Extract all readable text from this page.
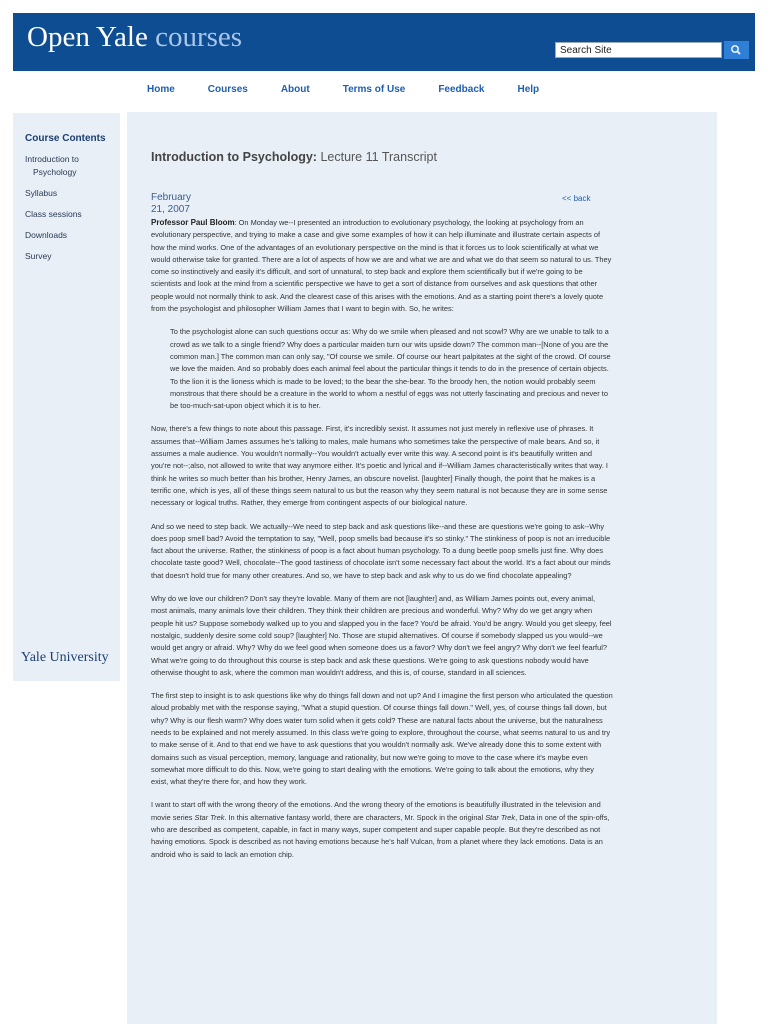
Open Yale courses
Search Site
Home	Courses	About	Terms of Use	Feedback	Help
Course Contents
Introduction to
Psychology
Syllabus
Class sessions
Downloads
Survey
Yale University
Introduction to Psychology: Lecture 11 Transcript
February 21, 2007
<< back

Professor Paul Bloom: On Monday we--I presented an introduction to evolutionary psychology, the looking at psychology from an evolutionary perspective, and trying to make a case and give some examples of how it can help illuminate and illustrate certain aspects of how the mind works. One of the advantages of an evolutionary perspective on the mind is that it forces us to look scientifically at what we would otherwise take for granted. There are a lot of aspects of how we are and what we are and what we do that seem so natural to us. They come so instinctively and easily it's difficult, and sort of unnatural, to step back and explore them scientifically but if we're going to be scientists and look at the mind from a scientific perspective we have to get a sort of distance from ourselves and ask questions that other people would not normally think to ask. And the clearest case of this arises with the emotions. And as a starting point there's a lovely quote from the psychologist and philosopher William James that I want to begin with. So, he writes:

To the psychologist alone can such questions occur as: Why do we smile when pleased and not scowl? Why are we unable to talk to a crowd as we talk to a single friend? Why does a particular maiden turn our wits upside down? The common man--[None of you are the common man.] The common man can only say, "Of course we smile. Of course our heart palpitates at the sight of the crowd. Of course we love the maiden. And so probably does each animal feel about the particular things it tends to do in the presence of certain objects. To the lion it is the lioness which is made to be loved; to the bear the she-bear. To the broody hen, the notion would probably seem monstrous that there should be a creature in the world to whom a nestful of eggs was not utterly fascinating and precious and never to be too-much-sat-upon object which it is to her.

Now, there's a few things to note about this passage. First, it's incredibly sexist. It assumes not just merely in reflexive use of phrases. It assumes that--William James assumes he's talking to males, male humans who sometimes take the perspective of male bears. And so, it assumes a male audience. You wouldn't normally--You wouldn't actually ever write this way. A second point is it's beautifully written and you're not--;also, not allowed to write that way anymore either. It's poetic and lyrical and if--William James characteristically writes that way. I think he writes so much better than his brother, Henry James, an obscure novelist. [laughter] Finally though, the point that he makes is a terrific one, which is yes, all of these things seem natural to us but the reason why they seem natural is not because they are in some sense necessary or logical truths. Rather, they emerge from contingent aspects of our biological nature.

And so we need to step back. We actually--We need to step back and ask questions like--and these are questions we're going to ask--Why does poop smell bad? Avoid the temptation to say, "Well, poop smells bad because it's so stinky." The stinkiness of poop is not an irreducible fact about the universe. Rather, the stinkiness of poop is a fact about human psychology. To a dung beetle poop smells just fine. Why does chocolate taste good? Well, chocolate--The good tastiness of chocolate isn't some necessary fact about the world. It's a fact about our minds that doesn't hold true for many other creatures. And so, we have to step back and ask why to us do we find chocolate appealing?

Why do we love our children? Don't say they're lovable. Many of them are not [laughter] and, as William James points out, every animal, most animals, many animals love their children. They think their children are precious and wonderful. Why? Why do we get angry when people hit us? Suppose somebody walked up to you and slapped you in the face? You'd be afraid. You'd be angry. Would you get sleepy, feel nostalgic, suddenly desire some cold soup? [laughter] No. Those are stupid alternatives. Of course if somebody slapped us you would--we would get angry or afraid. Why? Why do we feel good when someone does us a favor? Why don't we feel angry? Why don't we feel fearful? What we're going to do throughout this course is step back and ask these questions. We're going to ask questions nobody would have otherwise thought to ask, where the common man wouldn't address, and this is, of course, standard in all sciences.

The first step to insight is to ask questions like why do things fall down and not up? And I imagine the first person who articulated the question aloud probably met with the response saying, "What a stupid question. Of course things fall down." Well, yes, of course things fall down, but why? Why is our flesh warm? Why does water turn solid when it gets cold? These are natural facts about the universe, but the naturalness needs to be explained and not merely assumed. In this class we're going to explore, throughout the course, what seems natural to us and try to make sense of it. And to that end we have to ask questions that you wouldn't normally ask. We've already done this to some extent with domains such as visual perception, memory, language and rationality, but now we're going to move to the case where it's maybe even somewhat more difficult to do this. Now, we're going to start dealing with the emotions. We're going to talk about the emotions, why they exist, what they're there for, and how they work.

I want to start off with the wrong theory of the emotions. And the wrong theory of the emotions is beautifully illustrated in the television and movie series Star Trek. In this alternative fantasy world, there are characters, Mr. Spock in the original Star Trek, Data in one of the spin-offs, who are described as competent, capable, in fact in many ways, super competent and super capable people. But they're described as not having emotions. Spock is described as not having emotions because he's half Vulcan, from a planet where they lack emotions. Data is an android who is said to lack an emotion chip.
